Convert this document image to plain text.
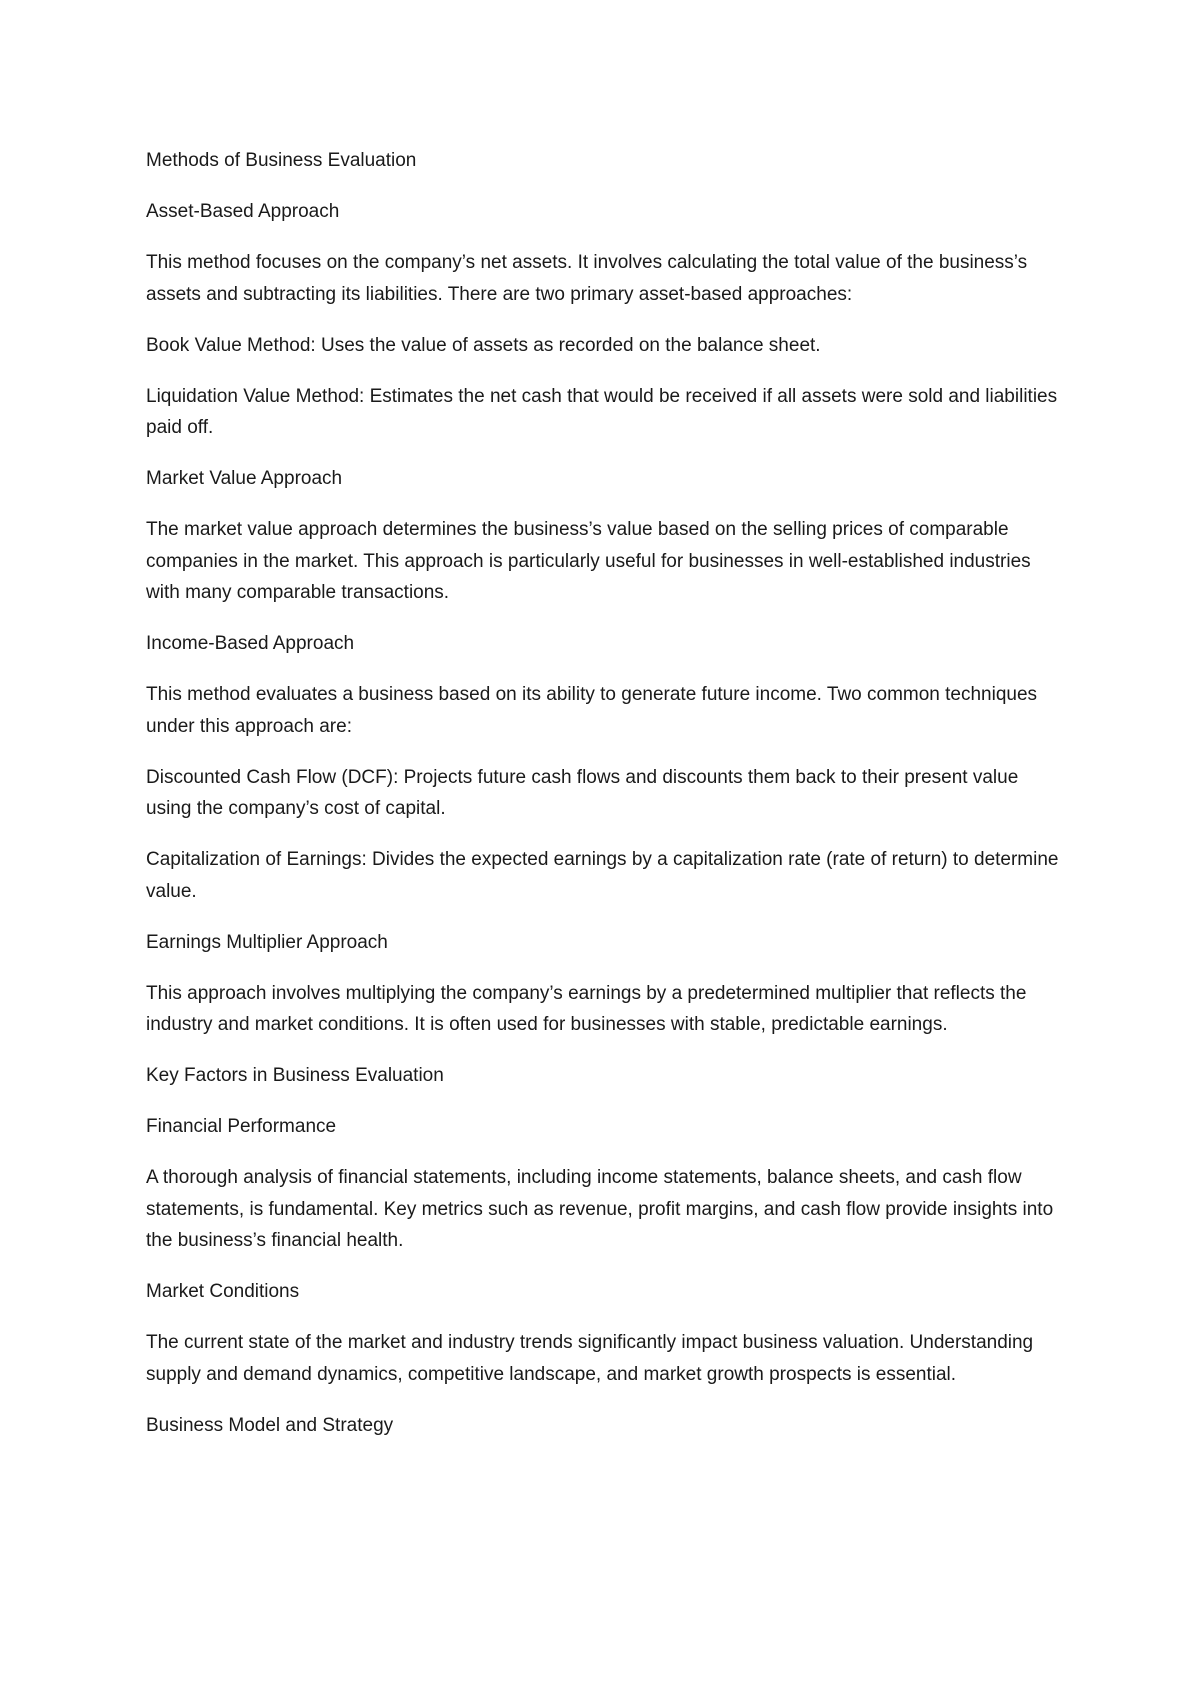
Methods of Business Evaluation

Asset-Based Approach

This method focuses on the company’s net assets. It involves calculating the total value of the business’s assets and subtracting its liabilities. There are two primary asset-based approaches:

Book Value Method: Uses the value of assets as recorded on the balance sheet.

Liquidation Value Method: Estimates the net cash that would be received if all assets were sold and liabilities paid off.

Market Value Approach

The market value approach determines the business’s value based on the selling prices of comparable companies in the market. This approach is particularly useful for businesses in well-established industries with many comparable transactions.

Income-Based Approach

This method evaluates a business based on its ability to generate future income. Two common techniques under this approach are:

Discounted Cash Flow (DCF): Projects future cash flows and discounts them back to their present value using the company’s cost of capital.

Capitalization of Earnings: Divides the expected earnings by a capitalization rate (rate of return) to determine value.

Earnings Multiplier Approach

This approach involves multiplying the company’s earnings by a predetermined multiplier that reflects the industry and market conditions. It is often used for businesses with stable, predictable earnings.

Key Factors in Business Evaluation

Financial Performance

A thorough analysis of financial statements, including income statements, balance sheets, and cash flow statements, is fundamental. Key metrics such as revenue, profit margins, and cash flow provide insights into the business’s financial health.

Market Conditions

The current state of the market and industry trends significantly impact business valuation. Understanding supply and demand dynamics, competitive landscape, and market growth prospects is essential.

Business Model and Strategy
